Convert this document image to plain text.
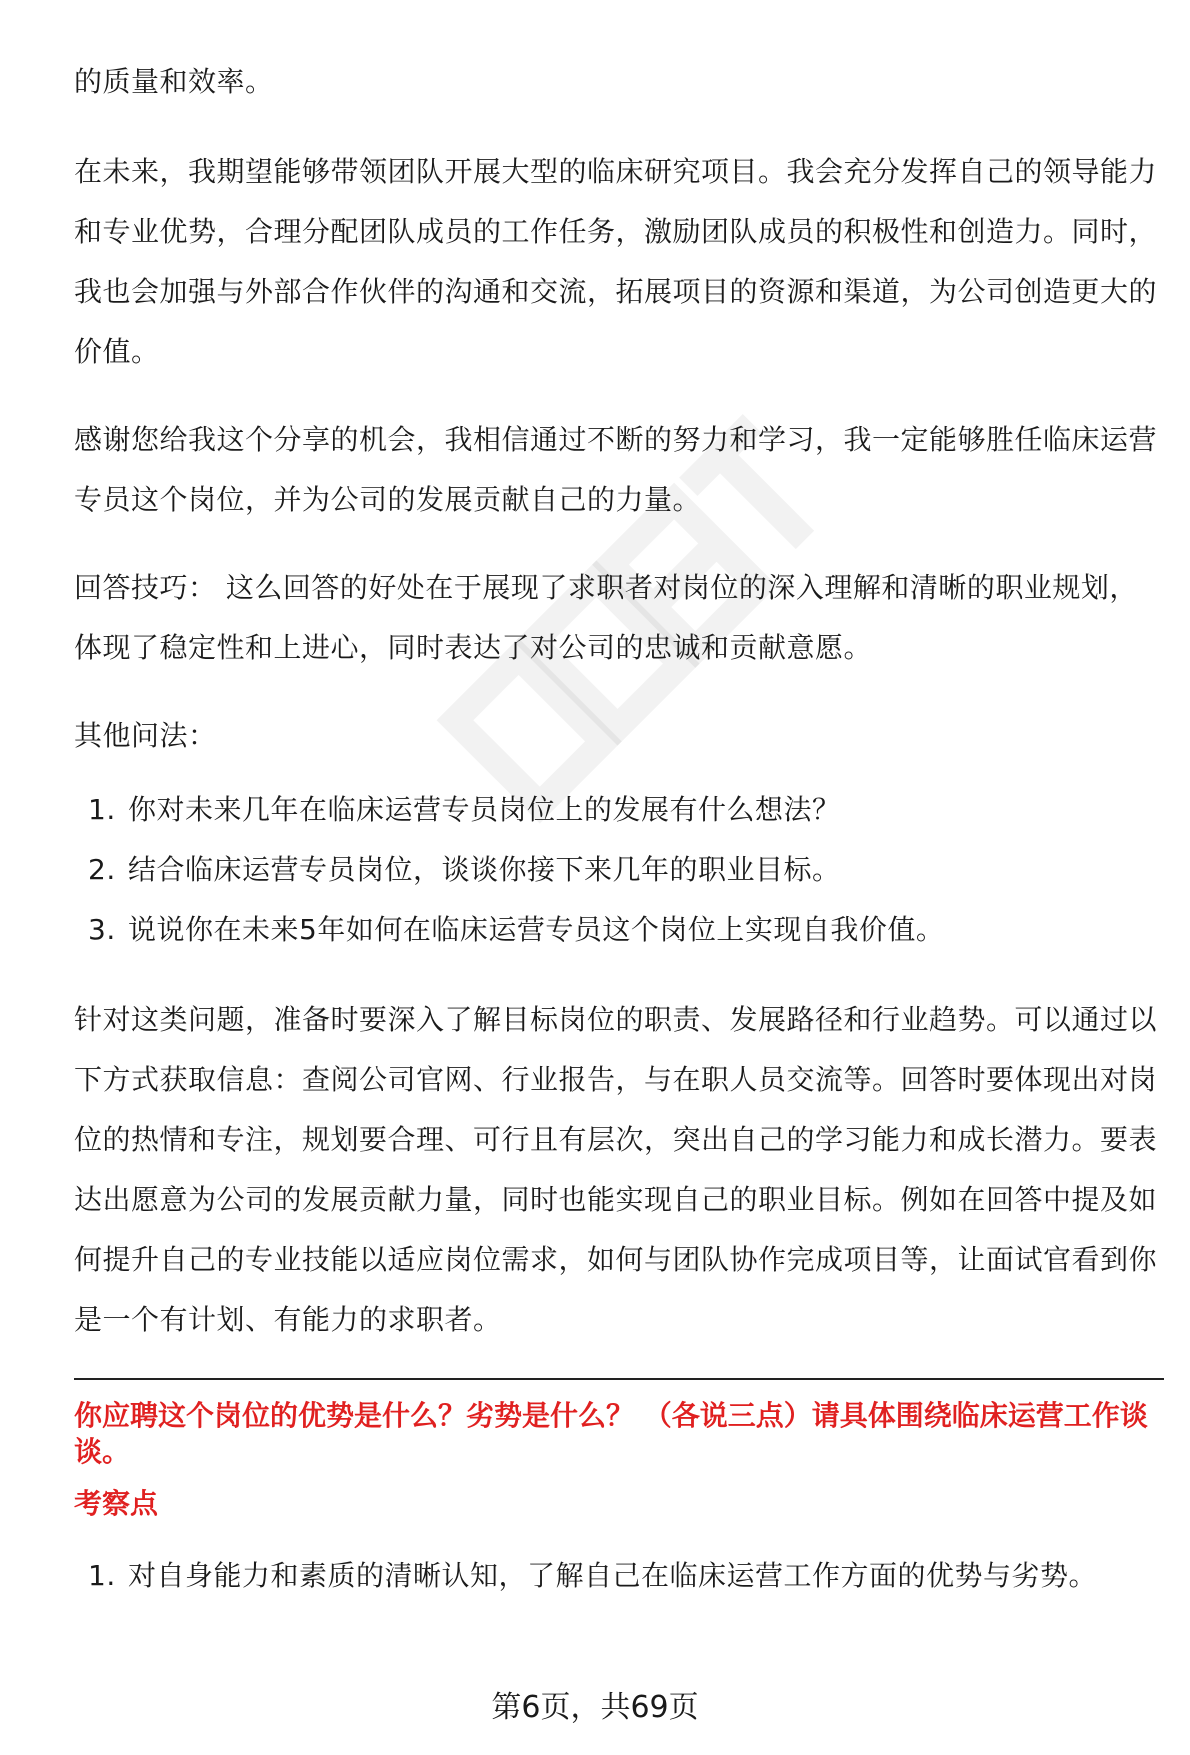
的质量和效率。

在未来，我期望能够带领团队开展大型的临床研究项目。我会充分发挥自己的领导能力和专业优势，合理分配团队成员的工作任务，激励团队成员的积极性和创造力。同时，我也会加强与外部合作伙伴的沟通和交流，拓展项目的资源和渠道，为公司创造更大的价值。

感谢您给我这个分享的机会，我相信通过不断的努力和学习，我一定能够胜任临床运营专员这个岗位，并为公司的发展贡献自己的力量。

回答技巧： 这么回答的好处在于展现了求职者对岗位的深入理解和清晰的职业规划，体现了稳定性和上进心，同时表达了对公司的忠诚和贡献意愿。

其他问法：

1. 你对未来几年在临床运营专员岗位上的发展有什么想法？
2. 结合临床运营专员岗位，谈谈你接下来几年的职业目标。
3. 说说你在未来5年如何在临床运营专员这个岗位上实现自我价值。

针对这类问题，准备时要深入了解目标岗位的职责、发展路径和行业趋势。可以通过以下方式获取信息：查阅公司官网、行业报告，与在职人员交流等。回答时要体现出对岗位的热情和专注，规划要合理、可行且有层次，突出自己的学习能力和成长潜力。要表达出愿意为公司的发展贡献力量，同时也能实现自己的职业目标。例如在回答中提及如何提升自己的专业技能以适应岗位需求，如何与团队协作完成项目等，让面试官看到你是一个有计划、有能力的求职者。

你应聘这个岗位的优势是什么？劣势是什么？ （各说三点）请具体围绕临床运营工作谈谈。
考察点
1. 对自身能力和素质的清晰认知，了解自己在临床运营工作方面的优势与劣势。
第6页，共69页
